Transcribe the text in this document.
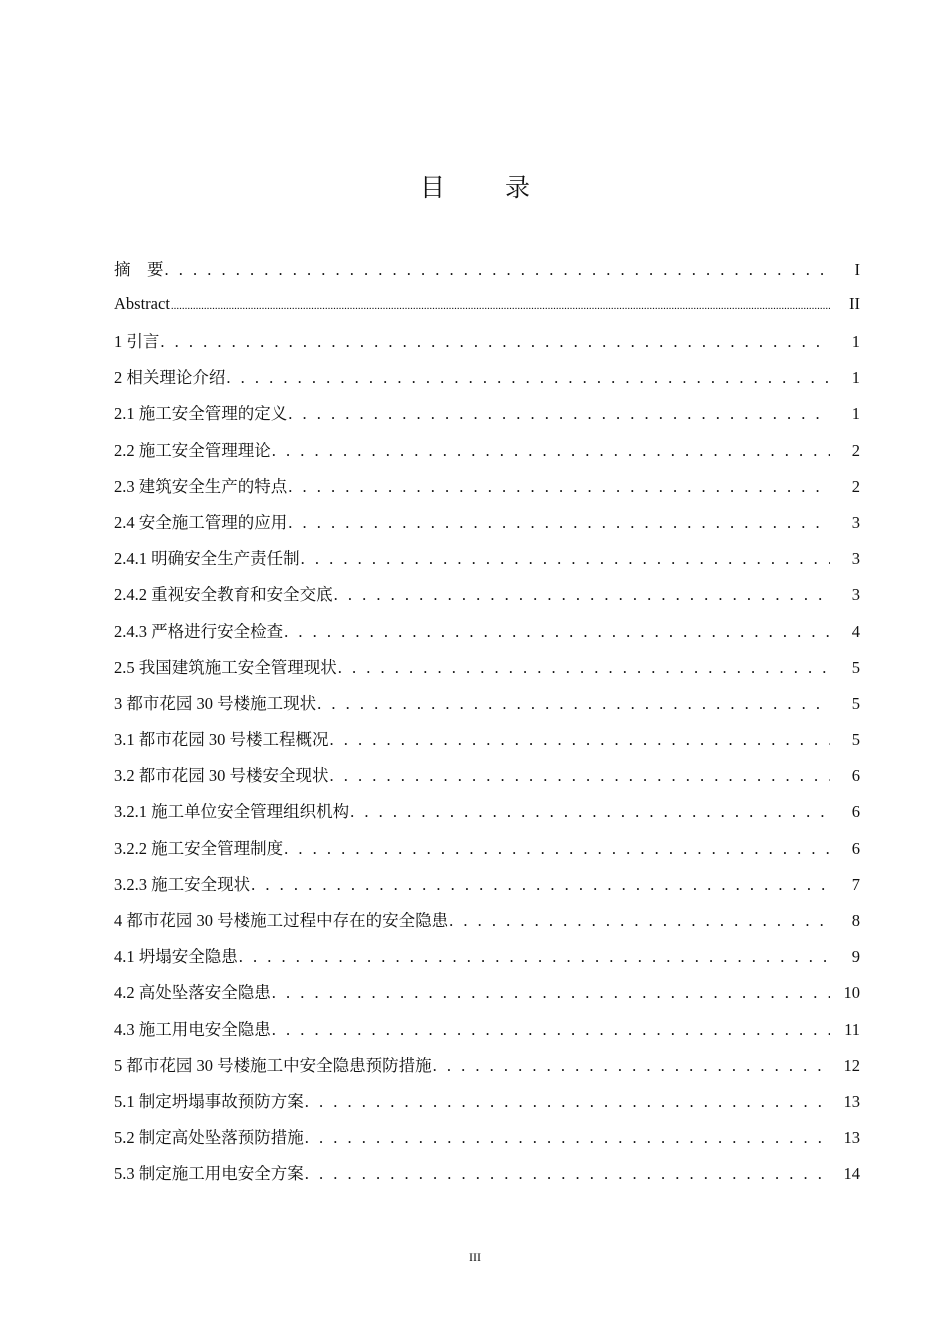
目 录
摘　要 . . .	I
Abstract .....	II
1 引言 . . .	1
2 相关理论介绍 . . .	1
2.1 施工安全管理的定义 . . .	1
2.2 施工安全管理理论 . . .	2
2.3 建筑安全生产的特点 . . .	2
2.4 安全施工管理的应用 . . .	3
2.4.1 明确安全生产责任制 . . .	3
2.4.2 重视安全教育和安全交底 . . .	3
2.4.3 严格进行安全检查 . . .	4
2.5 我国建筑施工安全管理现状 . . .	5
3 都市花园 30 号楼施工现状 . . .	5
3.1 都市花园 30 号楼工程概况 . . .	5
3.2 都市花园 30 号楼安全现状 . . .	6
3.2.1 施工单位安全管理组织机构 . . .	6
3.2.2 施工安全管理制度 . . .	6
3.2.3 施工安全现状 . . .	7
4 都市花园 30 号楼施工过程中存在的安全隐患 . . .	8
4.1 坍塌安全隐患 . . .	9
4.2 高处坠落安全隐患 . . .	10
4.3 施工用电安全隐患 . . .	11
5 都市花园 30 号楼施工中安全隐患预防措施 . . .	12
5.1 制定坍塌事故预防方案 . . .	13
5.2 制定高处坠落预防措施 . . .	13
5.3 制定施工用电安全方案 . . .	14
III
